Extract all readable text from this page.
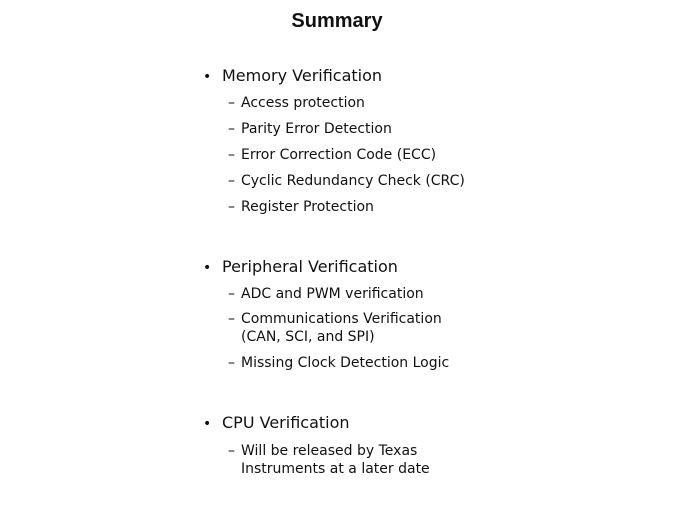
Summary
• Memory Verification
– Access protection
– Parity Error Detection
– Error Correction Code (ECC)
– Cyclic Redundancy Check (CRC)
– Register Protection
• Peripheral Verification
– ADC and PWM verification
– Communications Verification
(CAN, SCI, and SPI)
– Missing Clock Detection Logic
• CPU Verification
– Will be released by Texas
Instruments at a later date
